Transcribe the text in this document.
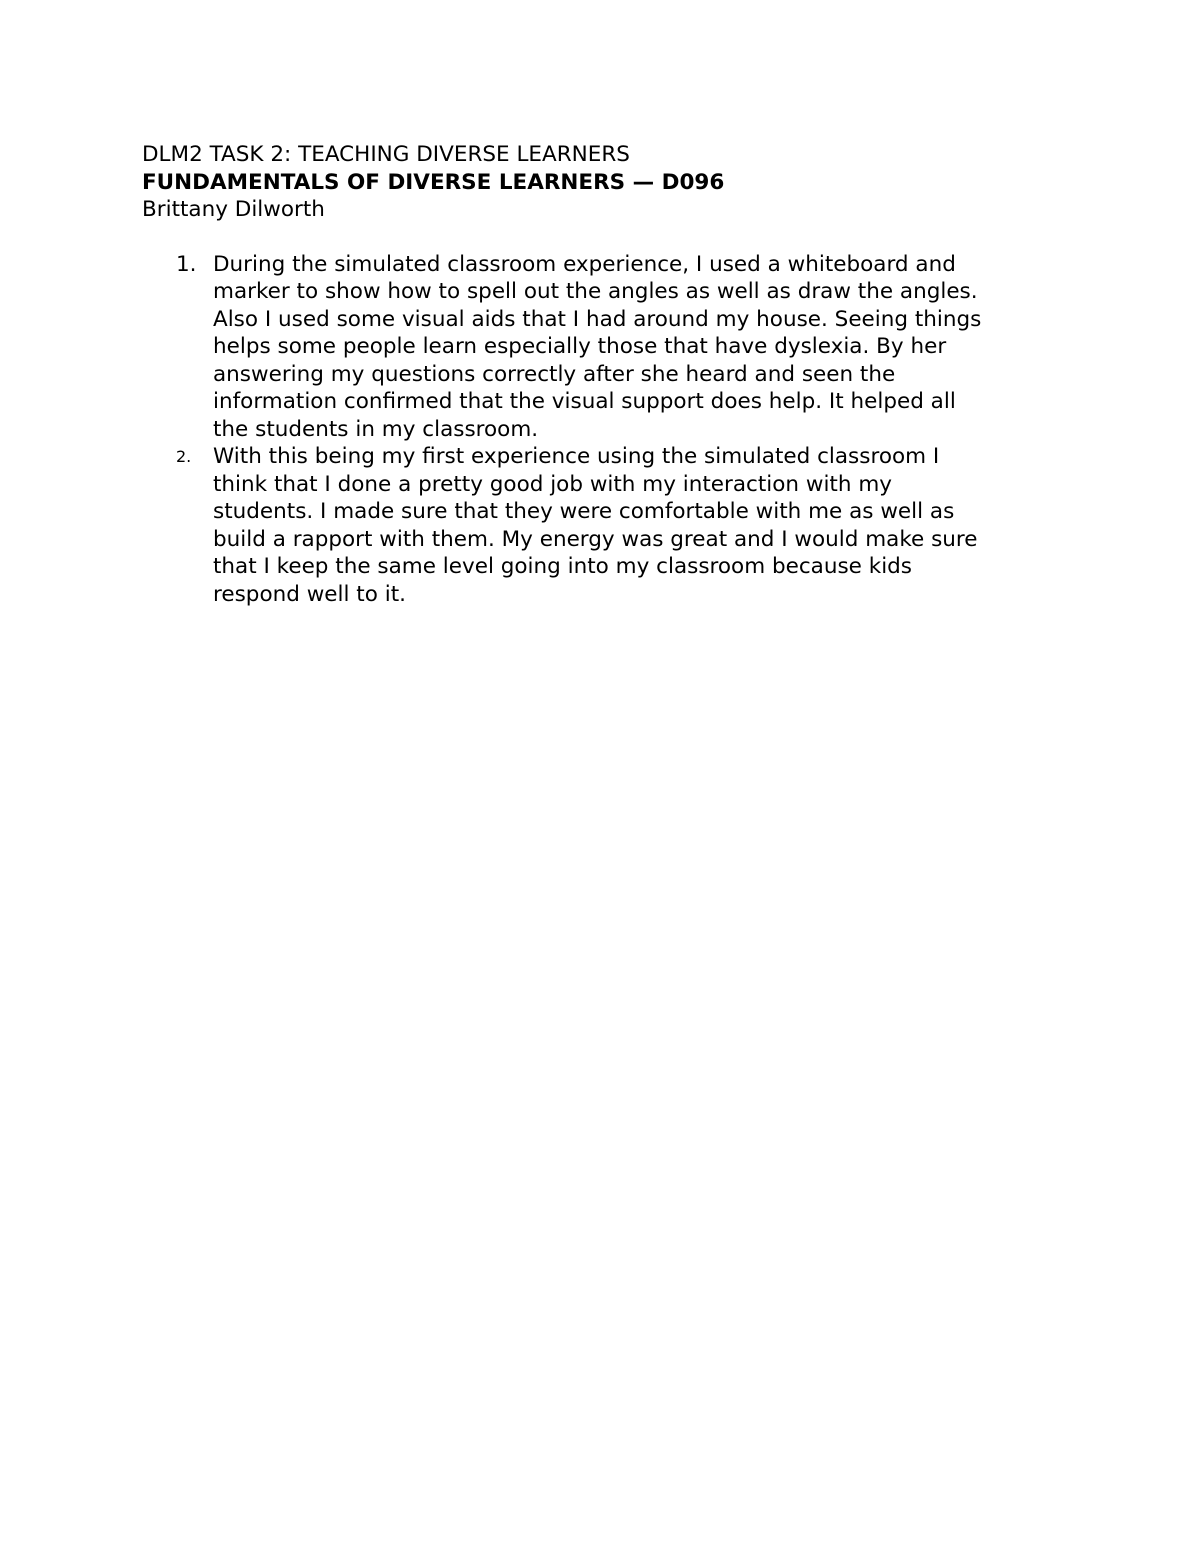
DLM2 TASK 2: TEACHING DIVERSE LEARNERS
FUNDAMENTALS OF DIVERSE LEARNERS — D096
Brittany Dilworth
1. During the simulated classroom experience, I used a whiteboard and
marker to show how to spell out the angles as well as draw the angles.
Also I used some visual aids that I had around my house. Seeing things
helps some people learn especially those that have dyslexia. By her
answering my questions correctly after she heard and seen the
information confirmed that the visual support does help. It helped all
the students in my classroom.
2. With this being my first experience using the simulated classroom I
think that I done a pretty good job with my interaction with my
students. I made sure that they were comfortable with me as well as
build a rapport with them. My energy was great and I would make sure
that I keep the same level going into my classroom because kids
respond well to it.
